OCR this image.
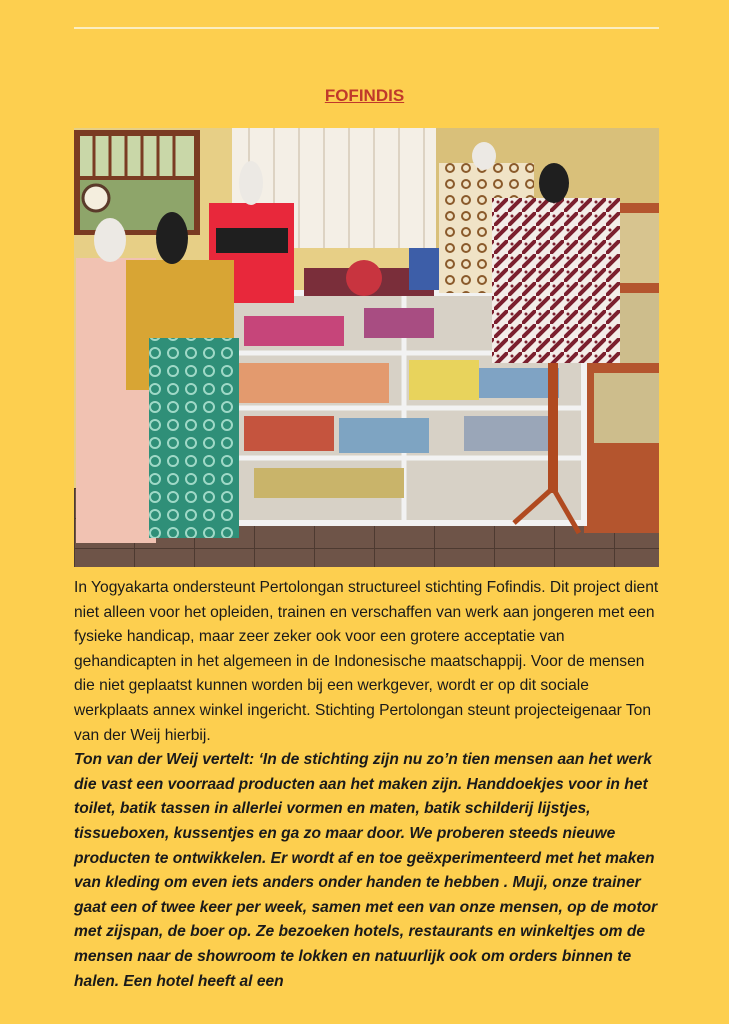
FOFINDIS

In Yogyakarta ondersteunt Pertolongan structureel stichting Fofindis. Dit project dient niet alleen voor het opleiden, trainen en verschaffen van werk aan jongeren met een fysieke handicap, maar zeer zeker ook voor een grotere acceptatie van gehandicapten in het algemeen in de Indonesische maatschappij. Voor de mensen die niet geplaatst kunnen worden bij een werkgever, wordt er op dit sociale werkplaats annex winkel ingericht. Stichting Pertolongan steunt projecteigenaar Ton van der Weij hierbij.

Ton van der Weij vertelt: ‘In de stichting zijn nu zo’n tien mensen aan het werk die vast een voorraad producten aan het maken zijn. Handdoekjes voor in het toilet, batik tassen in allerlei vormen en maten, batik schilderij lijstjes, tissueboxen, kussentjes en ga zo maar door. We proberen steeds nieuwe producten te ontwikkelen. Er wordt af en toe geëxperimenteerd met het maken van kleding om even iets anders onder handen te hebben . Muji, onze trainer gaat een of twee keer per week, samen met een van onze mensen, op de motor met zijspan, de boer op. Ze bezoeken hotels, restaurants en winkeltjes om de mensen naar de showroom te lokken en natuurlijk ook om orders binnen te halen. Een hotel heeft al een
